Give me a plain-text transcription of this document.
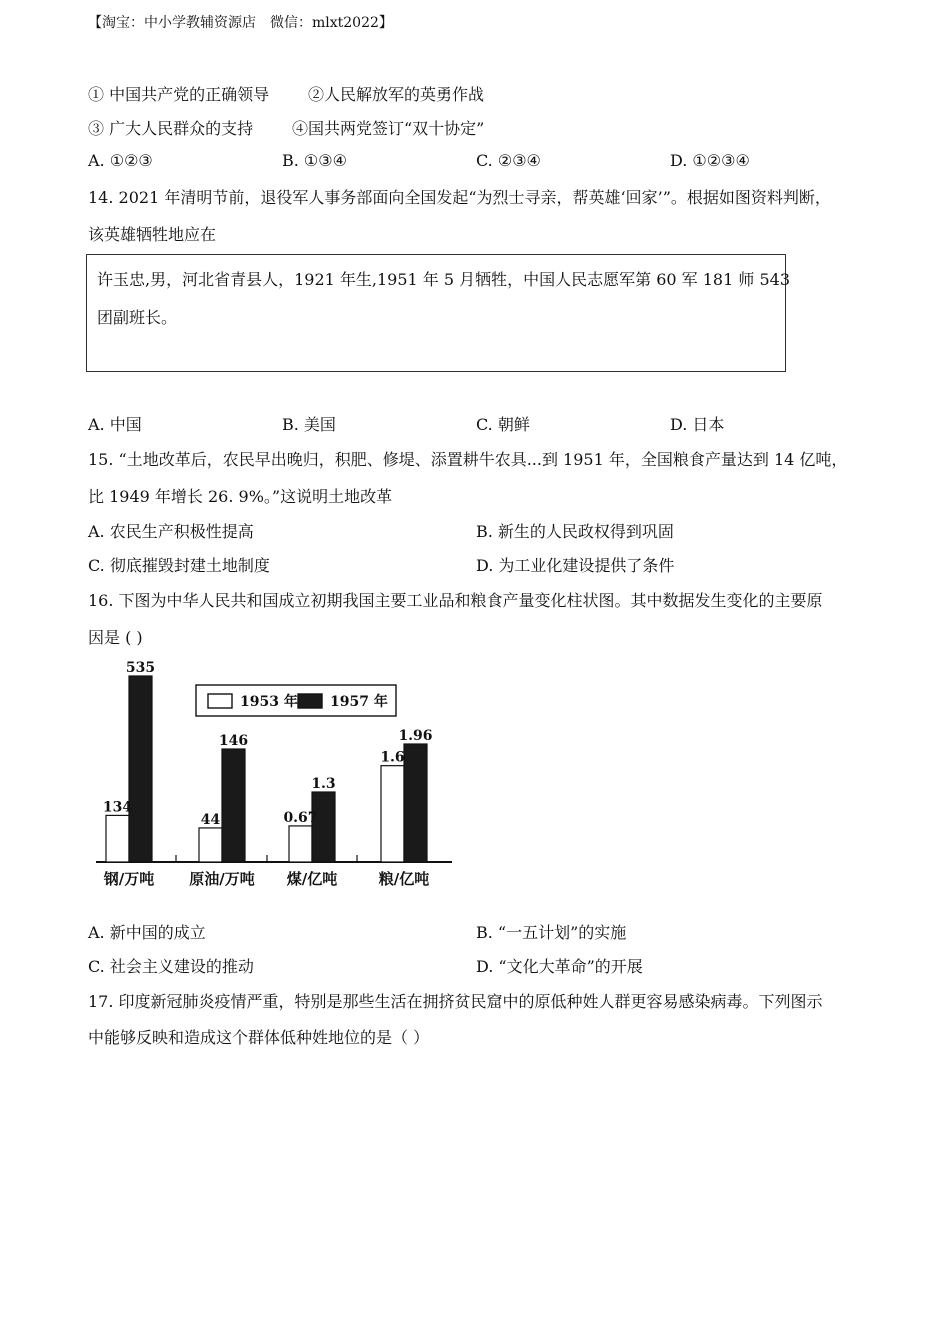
【淘宝：中小学教辅资源店　微信：mlxt2022】
① 中国共产党的正确领导 ②人民解放军的英勇作战
③ 广大人民群众的支持 ④国共两党签订“双十协定”
A. ①②③	B. ①③④	C. ②③④	D. ①②③④
14. 2021 年清明节前，退役军人事务部面向全国发起“为烈士寻亲，帮英雄‘回家’”。根据如图资料判断，
该英雄牺牲地应在
许玉忠,男，河北省青县人，1921 年生,1951 年 5 月牺牲，中国人民志愿军第 60 军 181 师 543
团副班长。
A. 中国	B. 美国	C. 朝鲜	D. 日本
15. “土地改革后，农民早出晚归，积肥、修堤、添置耕牛农具...到 1951 年，全国粮食产量达到 14 亿吨，
比 1949 年增长 26. 9%。”这说明土地改革
A. 农民生产积极性提高	B. 新生的人民政权得到巩固
C. 彻底摧毁封建土地制度	D. 为工业化建设提供了条件
16. 下图为中华人民共和国成立初期我国主要工业品和粮食产量变化柱状图。其中数据发生变化的主要原
因是 ( )
134
535
钢/万吨
44
146
原油/万吨
0.67
1.3
煤/亿吨
1.6
1.96
粮/亿吨
1953 年 1957 年
A. 新中国的成立	B. “一五计划”的实施
C. 社会主义建设的推动	D. “文化大革命”的开展
17. 印度新冠肺炎疫情严重，特别是那些生活在拥挤贫民窟中的原低种姓人群更容易感染病毒。下列图示
中能够反映和造成这个群体低种姓地位的是（ ）
